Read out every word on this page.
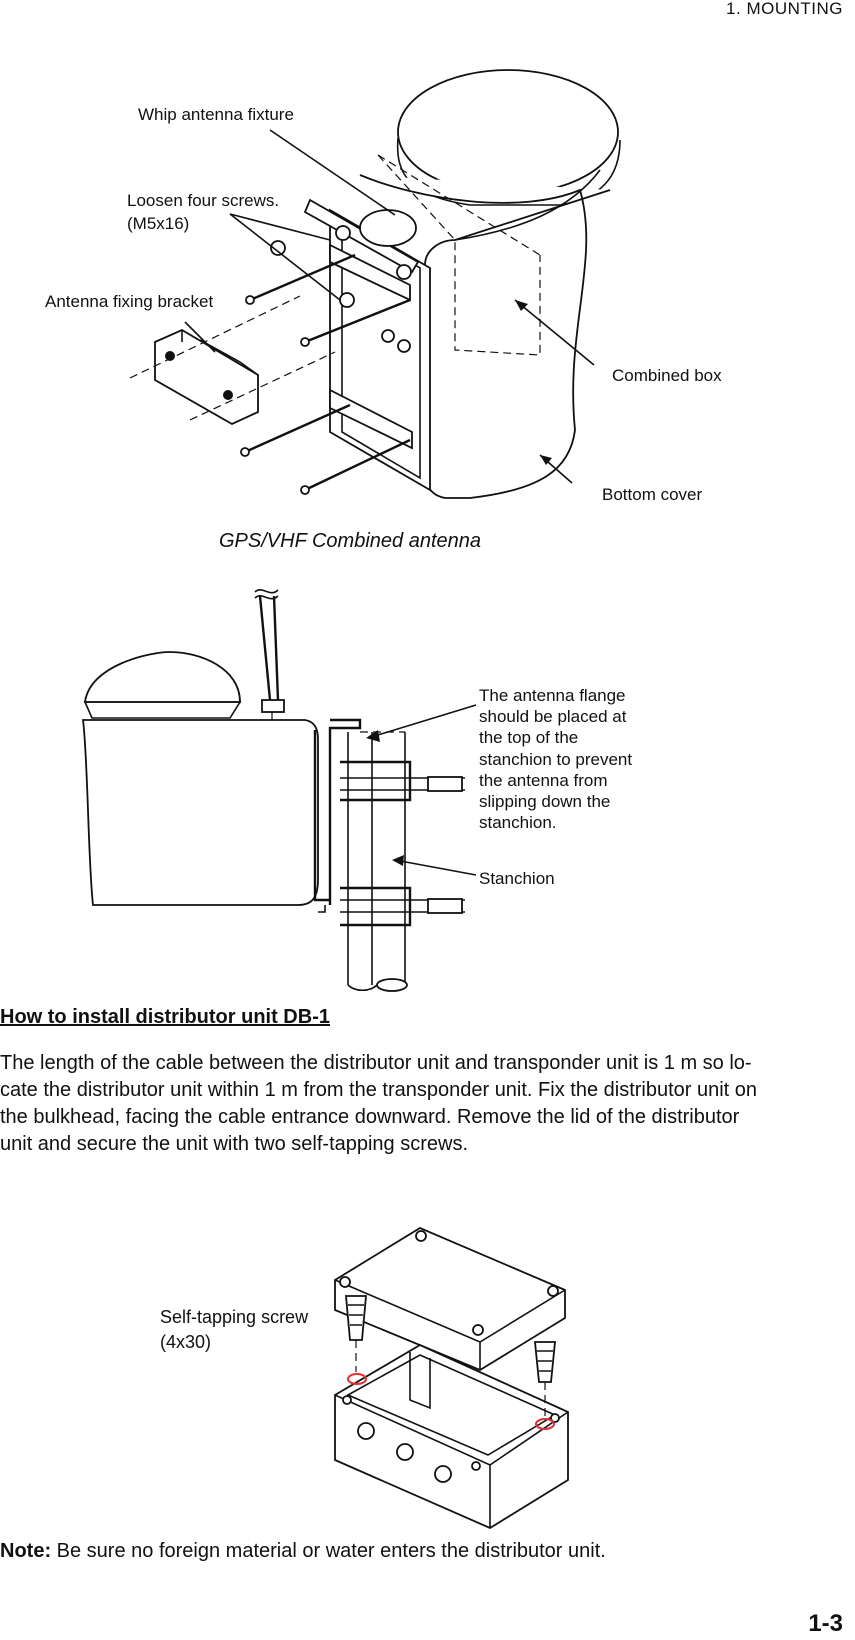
1. MOUNTING
Whip antenna fixture
Loosen four screws.
(M5x16)
Antenna fixing bracket
Combined box
Bottom cover
GPS/VHF Combined antenna
The antenna flange
should be placed at
the top of the
stanchion to prevent
the antenna from
slipping down the
stanchion.
Stanchion
How to install distributor unit DB-1
The length of the cable between the distributor unit and transponder unit is 1 m so lo-
cate the distributor unit within 1 m from the transponder unit. Fix the distributor unit on
the bulkhead, facing the cable entrance downward. Remove the lid of the distributor
unit and secure the unit with two self-tapping screws.
Self-tapping screw
(4x30)
Note: Be sure no foreign material or water enters the distributor unit.
1-3
